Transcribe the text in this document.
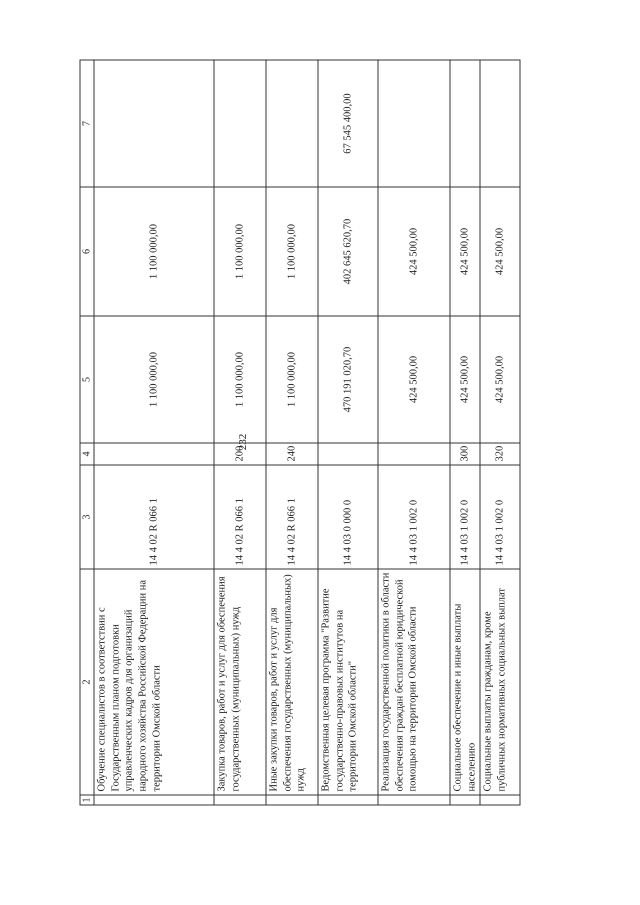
232
1	2	3	4	5	6	7
	Обучение специалистов в соответствии с Государственным планом подготовки управленческих кадров для организаций народного хозяйства Российской Федерации на территории Омской области	14 4 02 R 066 1		1 100 000,00	1 100 000,00	
	Закупка товаров, работ и услуг для обеспечения государственных (муниципальных) нужд	14 4 02 R 066 1	200	1 100 000,00	1 100 000,00	
	Иные закупки товаров, работ и услуг для обеспечения государственных (муниципальных) нужд	14 4 02 R 066 1	240	1 100 000,00	1 100 000,00	
	Ведомственная целевая программа "Развитие государственно-правовых институтов на территории Омской области"	14 4 03 0 000 0		470 191 020,70	402 645 620,70	67 545 400,00
	Реализация государственной политики в области обеспечения граждан бесплатной юридической помощью на территории Омской области	14 4 03 1 002 0		424 500,00	424 500,00	
	Социальное обеспечение и иные выплаты населению	14 4 03 1 002 0	300	424 500,00	424 500,00	
	Социальные выплаты гражданам, кроме публичных нормативных социальных выплат	14 4 03 1 002 0	320	424 500,00	424 500,00	
